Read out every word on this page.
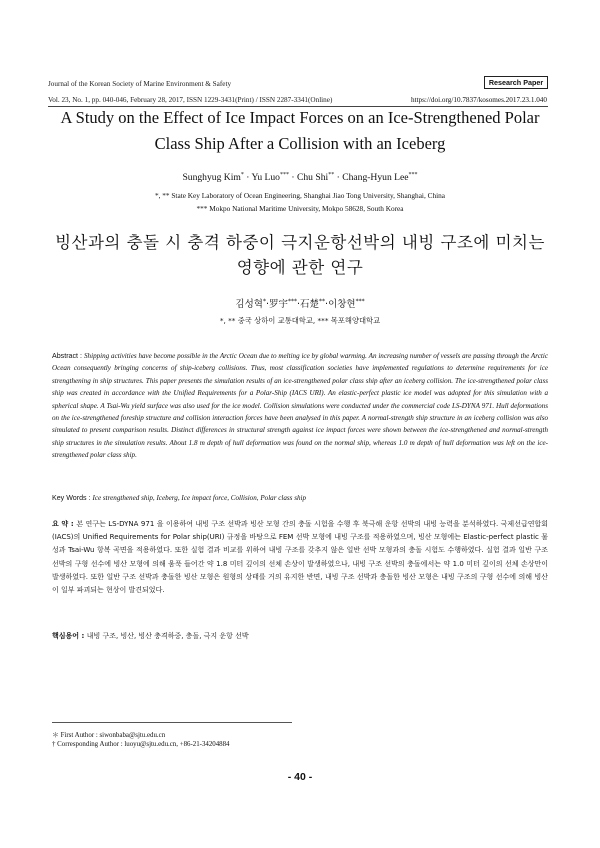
Journal of the Korean Society of Marine Environment & Safety
Vol. 23, No. 1, pp. 040-046, February 28, 2017, ISSN 1229-3431(Print) / ISSN 2287-3341(Online)
Research Paper
https://doi.org/10.7837/kosomes.2017.23.1.040
A Study on the Effect of Ice Impact Forces on an Ice-Strengthened Polar
Class Ship After a Collision with an Iceberg
Sunghyug Kim* · Yu Luo*** · Chu Shi** · Chang-Hyun Lee***
*, ** State Key Laboratory of Ocean Engineering, Shanghai Jiao Tong University, Shanghai, China
*** Mokpo National Maritime University, Mokpo 58628, South Korea
빙산과의 충돌 시 충격 하중이 극지운항선박의 내빙 구조에 미치는
영향에 관한 연구
김성혁*·罗宇***·石楚**·이창현***
*, ** 중국 상하이 교통대학교, *** 목포해양대학교
Abstract : Shipping activities have become possible in the Arctic Ocean due to melting ice by global warming. An increasing number of vessels are passing through the Arctic Ocean consequently bringing concerns of ship-iceberg collisions. Thus, most classification societies have implemented regulations to determine requirements for ice strengthening in ship structures. This paper presents the simulation results of an ice-strengthened polar class ship after an iceberg collision. The ice-strengthened polar class ship was created in accordance with the Unified Requirements for a Polar-Ship (IACS URI). An elastic-perfect plastic ice model was adopted for this simulation with a spherical shape. A Tsai-Wu yield surface was also used for the ice model. Collision simulations were conducted under the commercial code LS-DYNA 971. Hull deformations on the ice-strengthened foreship structure and collision interaction forces have been analysed in this paper. A normal-strength ship structure in an iceberg collision was also simulated to present comparison results. Distinct differences in structural strength against ice impact forces were shown between the ice-strengthened and normal-strength ship structures in the simulation results. About 1.8 m depth of hull deformation was found on the normal ship, whereas 1.0 m depth of hull deformation was left on the ice-strengthened polar class ship.
Key Words : Ice strengthened ship, Iceberg, Ice impact force, Collision, Polar class ship
요 약 : 본 연구는 LS-DYNA 971 을 이용하여 내빙 구조 선박과 빙산 모형 간의 충돌 시험을 수행 후 북극해 운항 선박의 내빙 능력을 분석하였다. 국제선급연합회(IACS)의 Unified Requirements for Polar ship(URI) 규정을 바탕으로 FEM 선박 모형에 내빙 구조를 적용하였으며, 빙산 모형에는 Elastic-perfect plastic 물성과 Tsai-Wu 항복 곡면을 적용하였다. 또한 실험 결과 비교를 위하여 내빙 구조를 갖추지 않은 일반 선박 모형과의 충돌 시험도 수행하였다. 실험 결과 일반 구조 선박의 구형 선수에 빙산 모형에 의해 움푹 들어간 약 1.8 미터 깊이의 선체 손상이 발생하였으나, 내빙 구조 선박의 충돌에서는 약 1.0 미터 깊이의 선체 손상만이 발생하였다. 또한 일반 구조 선박과 충돌한 빙산 모형은 원형의 상태를 거의 유지한 반면, 내빙 구조 선박과 충돌한 빙산 모형은 내빙 구조의 구형 선수에 의해 빙산이 일부 파괴되는 현상이 발견되었다.
핵심용어 : 내빙 구조, 빙산, 빙산 충격하중, 충돌, 극지 운항 선박
＊ First Author : siwonbaba@sjtu.edu.cn
† Corresponding Author : luoyu@sjtu.edu.cn, +86-21-34204884
- 40 -
